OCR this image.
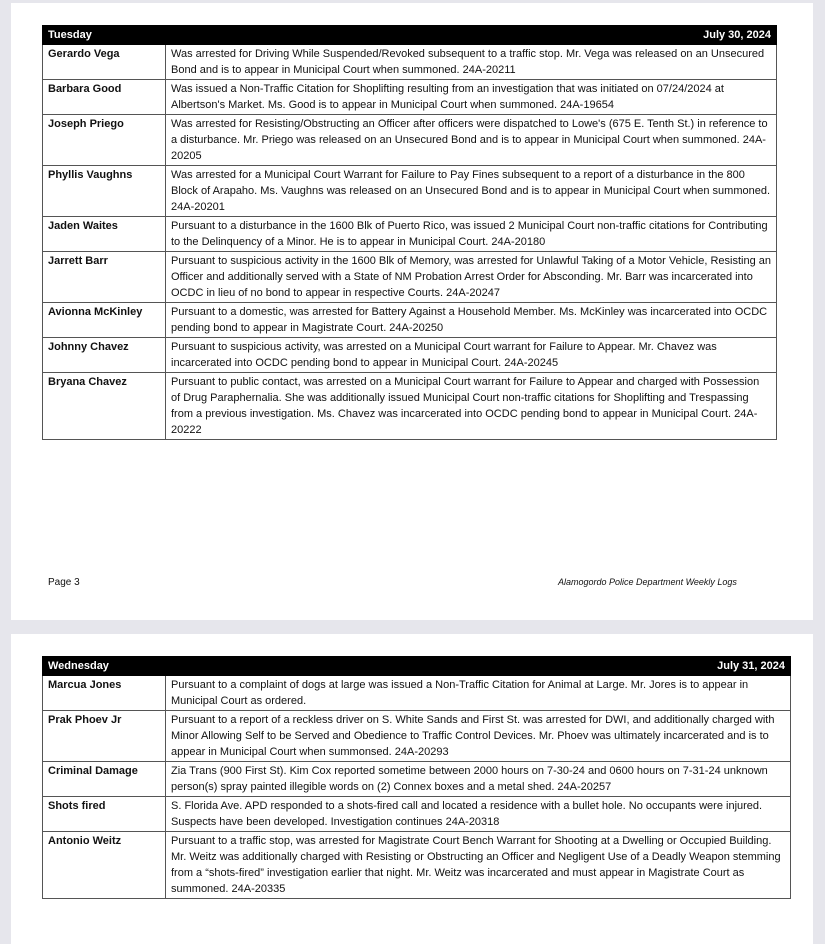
Tuesday	July 30, 2024
Gerardo Vega	Was arrested for Driving While Suspended/Revoked subsequent to a traffic stop. Mr. Vega was released on an Unsecured Bond and is to appear in Municipal Court when summoned. 24A-20211
Barbara Good	Was issued a Non-Traffic Citation for Shoplifting resulting from an investigation that was initiated on 07/24/2024 at Albertson's Market. Ms. Good is to appear in Municipal Court when summoned. 24A-19654
Joseph Priego	Was arrested for Resisting/Obstructing an Officer after officers were dispatched to Lowe's (675 E. Tenth St.) in reference to a disturbance. Mr. Priego was released on an Unsecured Bond and is to appear in Municipal Court when summoned. 24A-20205
Phyllis Vaughns	Was arrested for a Municipal Court Warrant for Failure to Pay Fines subsequent to a report of a disturbance in the 800 Block of Arapaho. Ms. Vaughns was released on an Unsecured Bond and is to appear in Municipal Court when summoned. 24A-20201
Jaden Waites	Pursuant to a disturbance in the 1600 Blk of Puerto Rico, was issued 2 Municipal Court non-traffic citations for Contributing to the Delinquency of a Minor. He is to appear in Municipal Court. 24A-20180
Jarrett Barr	Pursuant to suspicious activity in the 1600 Blk of Memory, was arrested for Unlawful Taking of a Motor Vehicle, Resisting an Officer and additionally served with a State of NM Probation Arrest Order for Absconding. Mr. Barr was incarcerated into OCDC in lieu of no bond to appear in respective Courts. 24A-20247
Avionna McKinley	Pursuant to a domestic, was arrested for Battery Against a Household Member. Ms. McKinley was incarcerated into OCDC pending bond to appear in Magistrate Court. 24A-20250
Johnny Chavez	Pursuant to suspicious activity, was arrested on a Municipal Court warrant for Failure to Appear. Mr. Chavez was incarcerated into OCDC pending bond to appear in Municipal Court. 24A-20245
Bryana Chavez	Pursuant to public contact, was arrested on a Municipal Court warrant for Failure to Appear and charged with Possession of Drug Paraphernalia. She was additionally issued Municipal Court non-traffic citations for Shoplifting and Trespassing from a previous investigation. Ms. Chavez was incarcerated into OCDC pending bond to appear in Municipal Court. 24A-20222
Page 3	Alamogordo Police Department Weekly Logs
Wednesday	July 31, 2024
Marcua Jones	Pursuant to a complaint of dogs at large was issued a Non-Traffic Citation for Animal at Large. Mr. Jores is to appear in Municipal Court as ordered.
Prak Phoev Jr	Pursuant to a report of a reckless driver on S. White Sands and First St. was arrested for DWI, and additionally charged with Minor Allowing Self to be Served and Obedience to Traffic Control Devices. Mr. Phoev was ultimately incarcerated and is to appear in Municipal Court when summonsed. 24A-20293
Criminal Damage	Zia Trans (900 First St). Kim Cox reported sometime between 2000 hours on 7-30-24 and 0600 hours on 7-31-24 unknown person(s) spray painted illegible words on (2) Connex boxes and a metal shed. 24A-20257
Shots fired	S. Florida Ave. APD responded to a shots-fired call and located a residence with a bullet hole. No occupants were injured. Suspects have been developed. Investigation continues 24A-20318
Antonio Weitz	Pursuant to a traffic stop, was arrested for Magistrate Court Bench Warrant for Shooting at a Dwelling or Occupied Building. Mr. Weitz was additionally charged with Resisting or Obstructing an Officer and Negligent Use of a Deadly Weapon stemming from a “shots-fired” investigation earlier that night. Mr. Weitz was incarcerated and must appear in Magistrate Court as summoned. 24A-20335
